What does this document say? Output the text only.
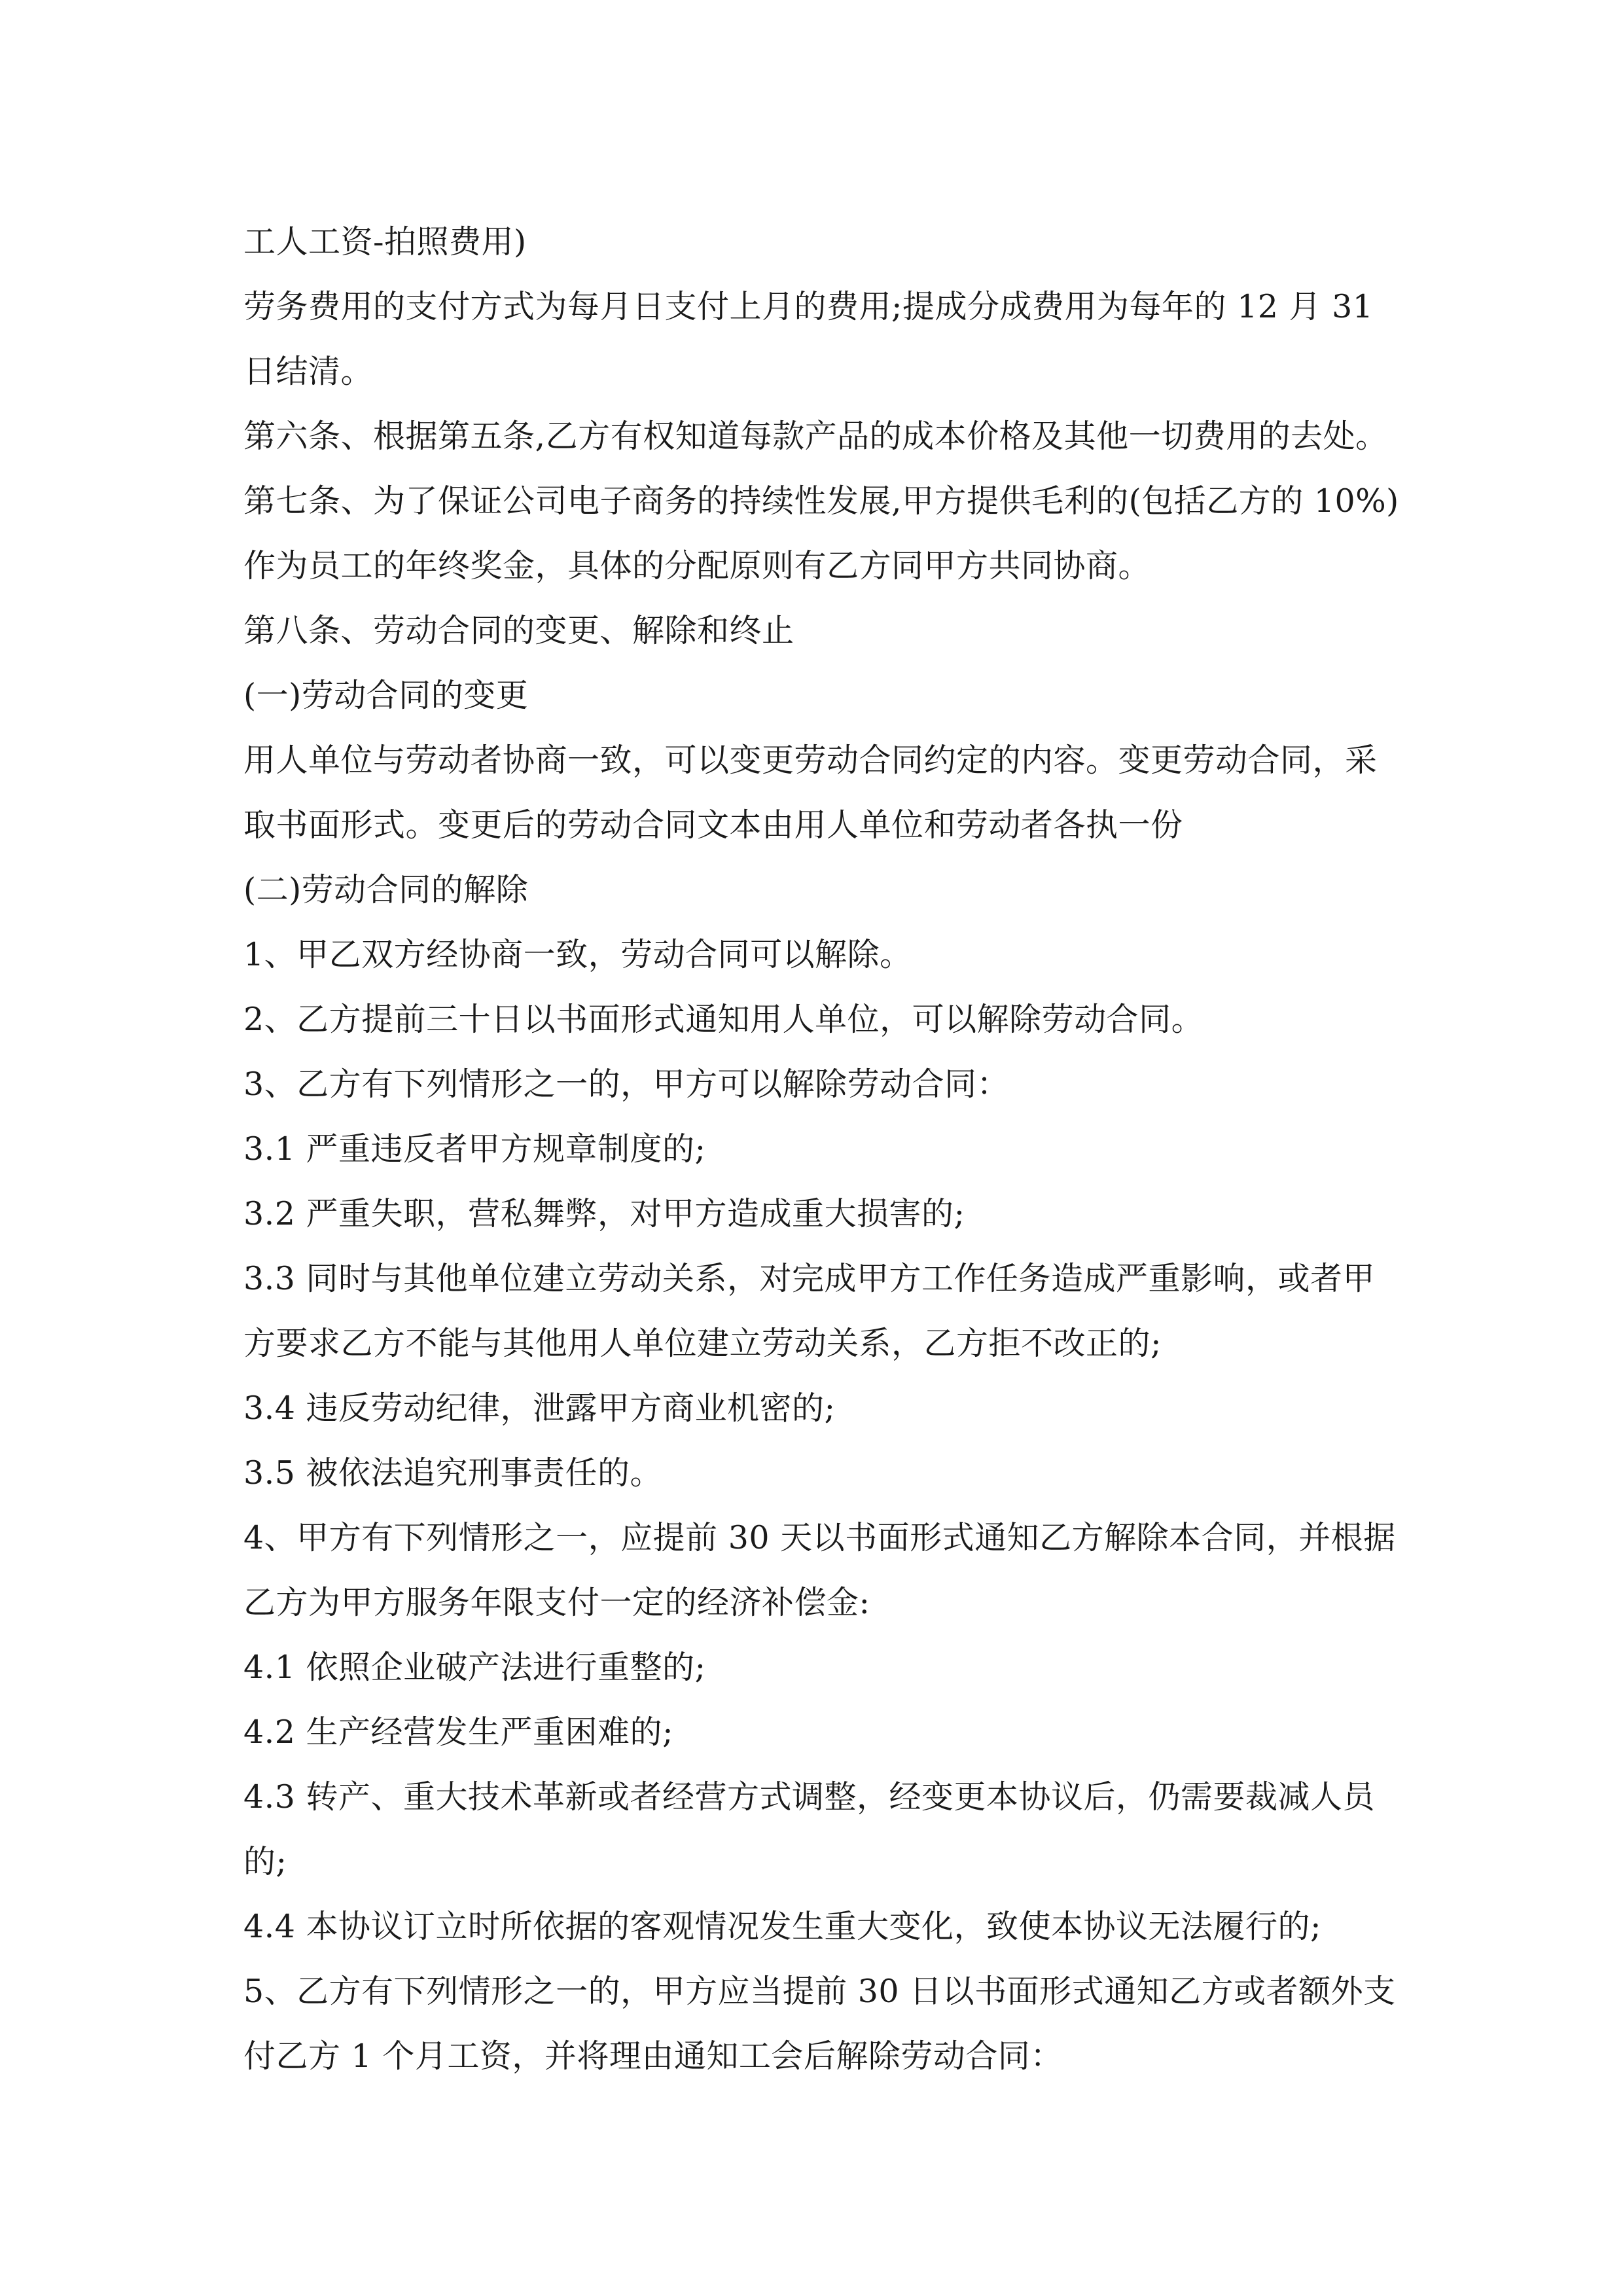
工人工资-拍照费用)
劳务费用的支付方式为每月日支付上月的费用;提成分成费用为每年的 12 月 31
日结清。
第六条、根据第五条,乙方有权知道每款产品的成本价格及其他一切费用的去处。
第七条、为了保证公司电子商务的持续性发展,甲方提供毛利的(包括乙方的 10%)
作为员工的年终奖金，具体的分配原则有乙方同甲方共同协商。
第八条、劳动合同的变更、解除和终止
(一)劳动合同的变更
用人单位与劳动者协商一致，可以变更劳动合同约定的内容。变更劳动合同，采
取书面形式。变更后的劳动合同文本由用人单位和劳动者各执一份
(二)劳动合同的解除
1、甲乙双方经协商一致，劳动合同可以解除。
2、乙方提前三十日以书面形式通知用人单位，可以解除劳动合同。
3、乙方有下列情形之一的，甲方可以解除劳动合同：
3.1 严重违反者甲方规章制度的;
3.2 严重失职，营私舞弊，对甲方造成重大损害的;
3.3 同时与其他单位建立劳动关系，对完成甲方工作任务造成严重影响，或者甲
方要求乙方不能与其他用人单位建立劳动关系，乙方拒不改正的;
3.4 违反劳动纪律，泄露甲方商业机密的;
3.5 被依法追究刑事责任的。
4、甲方有下列情形之一，应提前 30 天以书面形式通知乙方解除本合同，并根据
乙方为甲方服务年限支付一定的经济补偿金:
4.1 依照企业破产法进行重整的;
4.2 生产经营发生严重困难的;
4.3 转产、重大技术革新或者经营方式调整，经变更本协议后，仍需要裁减人员
的;
4.4 本协议订立时所依据的客观情况发生重大变化，致使本协议无法履行的;
5、乙方有下列情形之一的，甲方应当提前 30 日以书面形式通知乙方或者额外支
付乙方 1 个月工资，并将理由通知工会后解除劳动合同：
